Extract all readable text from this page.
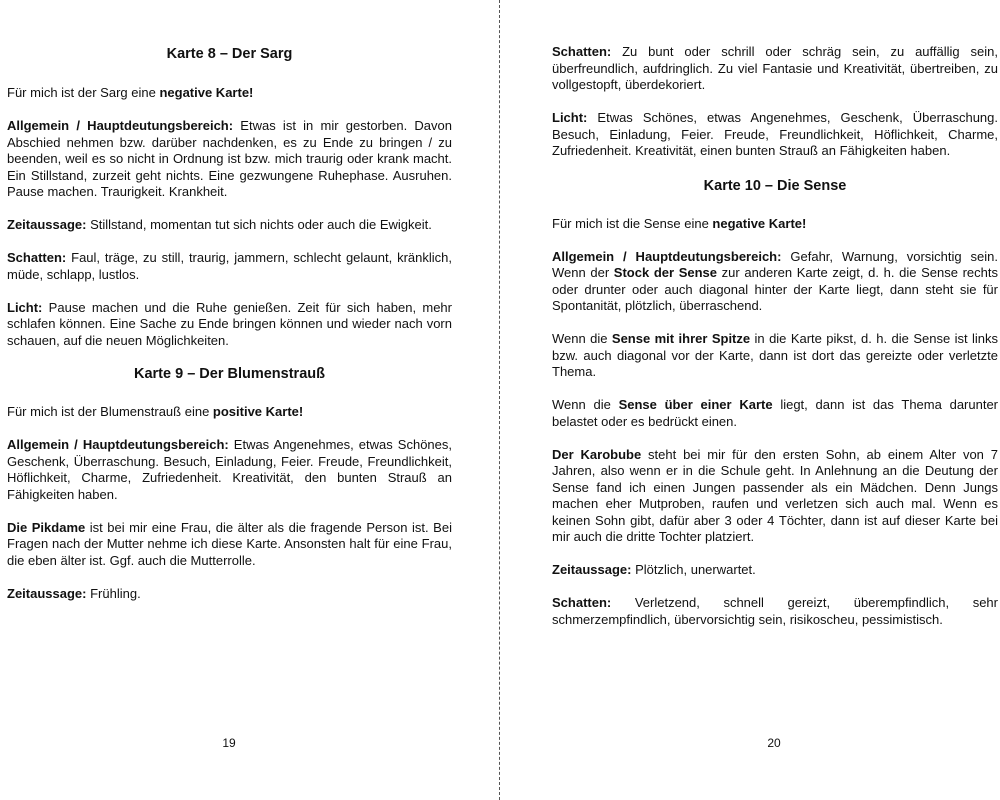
Karte 8 – Der Sarg

Für mich ist der Sarg eine negative Karte!

Allgemein / Hauptdeutungsbereich: Etwas ist in mir gestorben. Davon Abschied nehmen bzw. darüber nachdenken, es zu Ende zu bringen / zu beenden, weil es so nicht in Ordnung ist bzw. mich traurig oder krank macht. Ein Stillstand, zurzeit geht nichts. Eine gezwungene Ruhephase. Ausruhen. Pause machen. Traurigkeit. Krankheit.

Zeitaussage: Stillstand, momentan tut sich nichts oder auch die Ewigkeit.

Schatten: Faul, träge, zu still, traurig, jammern, schlecht gelaunt, kränklich, müde, schlapp, lustlos.

Licht: Pause machen und die Ruhe genießen. Zeit für sich haben, mehr schlafen können. Eine Sache zu Ende bringen können und wieder nach vorn schauen, auf die neuen Möglichkeiten.

Karte 9 – Der Blumenstrauß

Für mich ist der Blumenstrauß eine positive Karte!

Allgemein / Hauptdeutungsbereich: Etwas Angenehmes, etwas Schönes, Geschenk, Überraschung. Besuch, Einladung, Feier. Freude, Freundlichkeit, Höflichkeit, Charme, Zufriedenheit. Kreativität, den bunten Strauß an Fähigkeiten haben.

Die Pikdame ist bei mir eine Frau, die älter als die fragende Person ist. Bei Fragen nach der Mutter nehme ich diese Karte. Ansonsten halt für eine Frau, die eben älter ist. Ggf. auch die Mutterrolle.

Zeitaussage: Frühling.

19

Schatten: Zu bunt oder schrill oder schräg sein, zu auffällig sein, überfreundlich, aufdringlich. Zu viel Fantasie und Kreativität, übertreiben, zu vollgestopft, überdekoriert.

Licht: Etwas Schönes, etwas Angenehmes, Geschenk, Überraschung. Besuch, Einladung, Feier. Freude, Freundlichkeit, Höflichkeit, Charme, Zufriedenheit. Kreativität, einen bunten Strauß an Fähigkeiten haben.

Karte 10 – Die Sense

Für mich ist die Sense eine negative Karte!

Allgemein / Hauptdeutungsbereich: Gefahr, Warnung, vorsichtig sein. Wenn der Stock der Sense zur anderen Karte zeigt, d. h. die Sense rechts oder drunter oder auch diagonal hinter der Karte liegt, dann steht sie für Spontanität, plötzlich, überraschend.

Wenn die Sense mit ihrer Spitze in die Karte pikst, d. h. die Sense ist links bzw. auch diagonal vor der Karte, dann ist dort das gereizte oder verletzte Thema.

Wenn die Sense über einer Karte liegt, dann ist das Thema darunter belastet oder es bedrückt einen.

Der Karobube steht bei mir für den ersten Sohn, ab einem Alter von 7 Jahren, also wenn er in die Schule geht. In Anlehnung an die Deutung der Sense fand ich einen Jungen passender als ein Mädchen. Denn Jungs machen eher Mutproben, raufen und verletzen sich auch mal. Wenn es keinen Sohn gibt, dafür aber 3 oder 4 Töchter, dann ist auf dieser Karte bei mir auch die dritte Tochter platziert.

Zeitaussage: Plötzlich, unerwartet.

Schatten: Verletzend, schnell gereizt, überempfindlich, sehr schmerzempfindlich, übervorsichtig sein, risikoscheu, pessimistisch.

20
